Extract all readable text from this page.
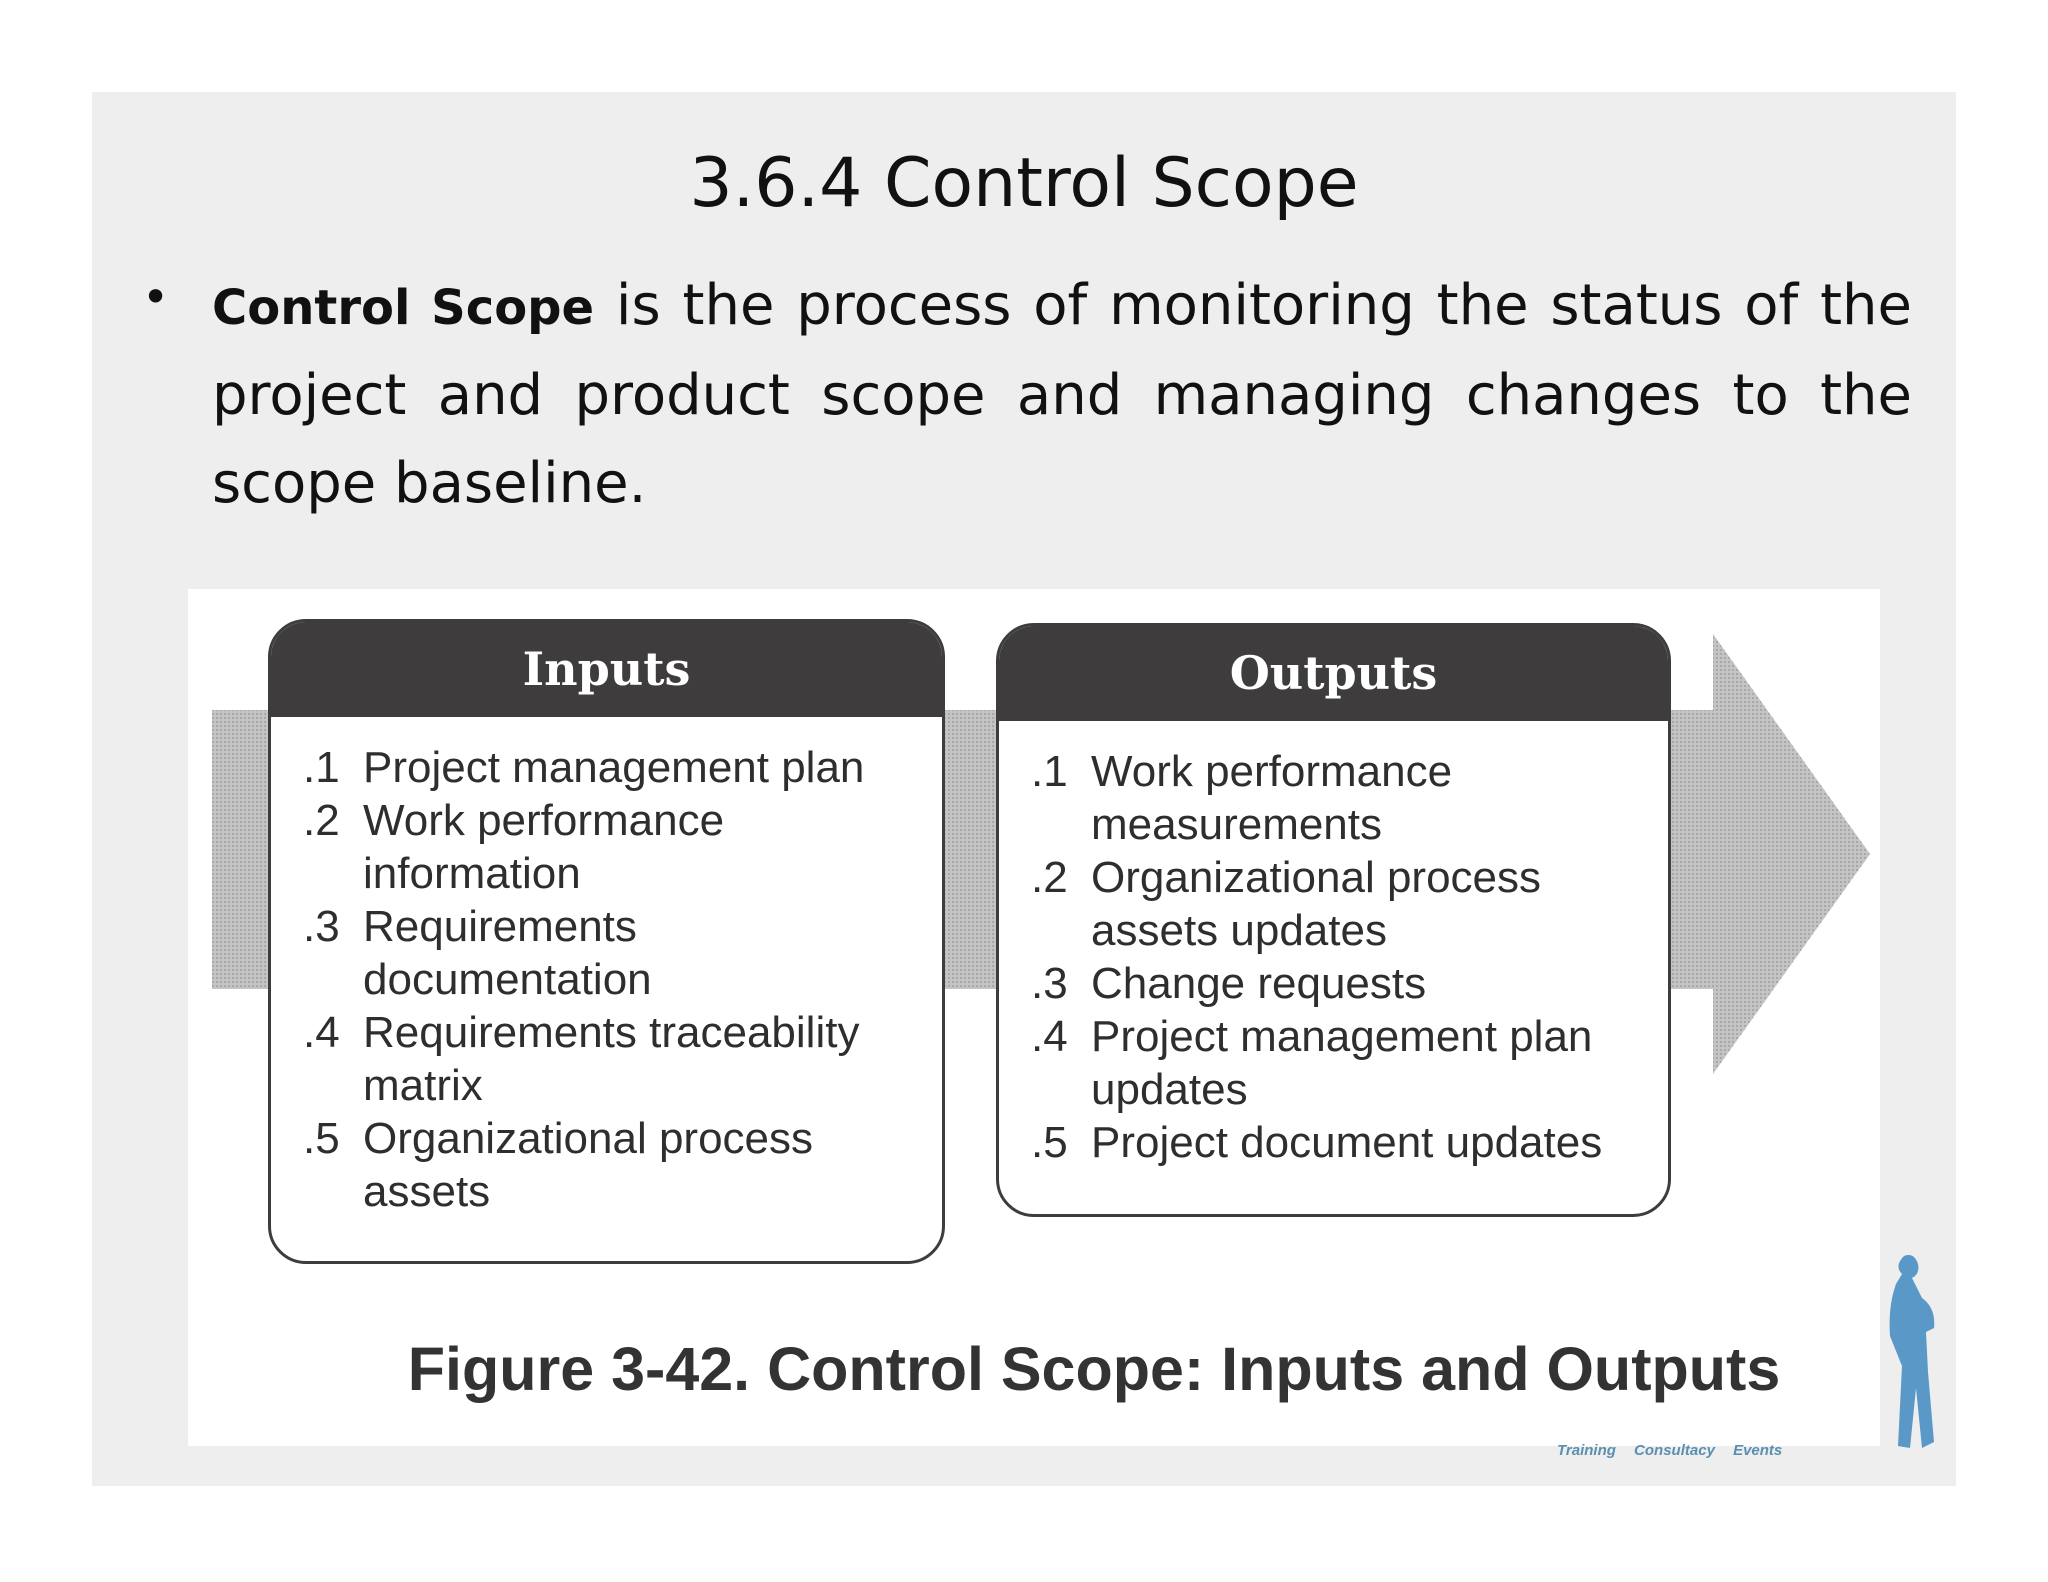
3.6.4 Control Scope
• Control Scope is the process of monitoring the status of the project and product scope and managing changes to the scope baseline.
Inputs
.1 Project management plan
.2 Work performance information
.3 Requirements documentation
.4 Requirements traceability matrix
.5 Organizational process assets
Outputs
.1 Work performance measurements
.2 Organizational process assets updates
.3 Change requests
.4 Project management plan updates
.5 Project document updates
Figure 3-42. Control Scope: Inputs and Outputs
Training Consultacy Events
